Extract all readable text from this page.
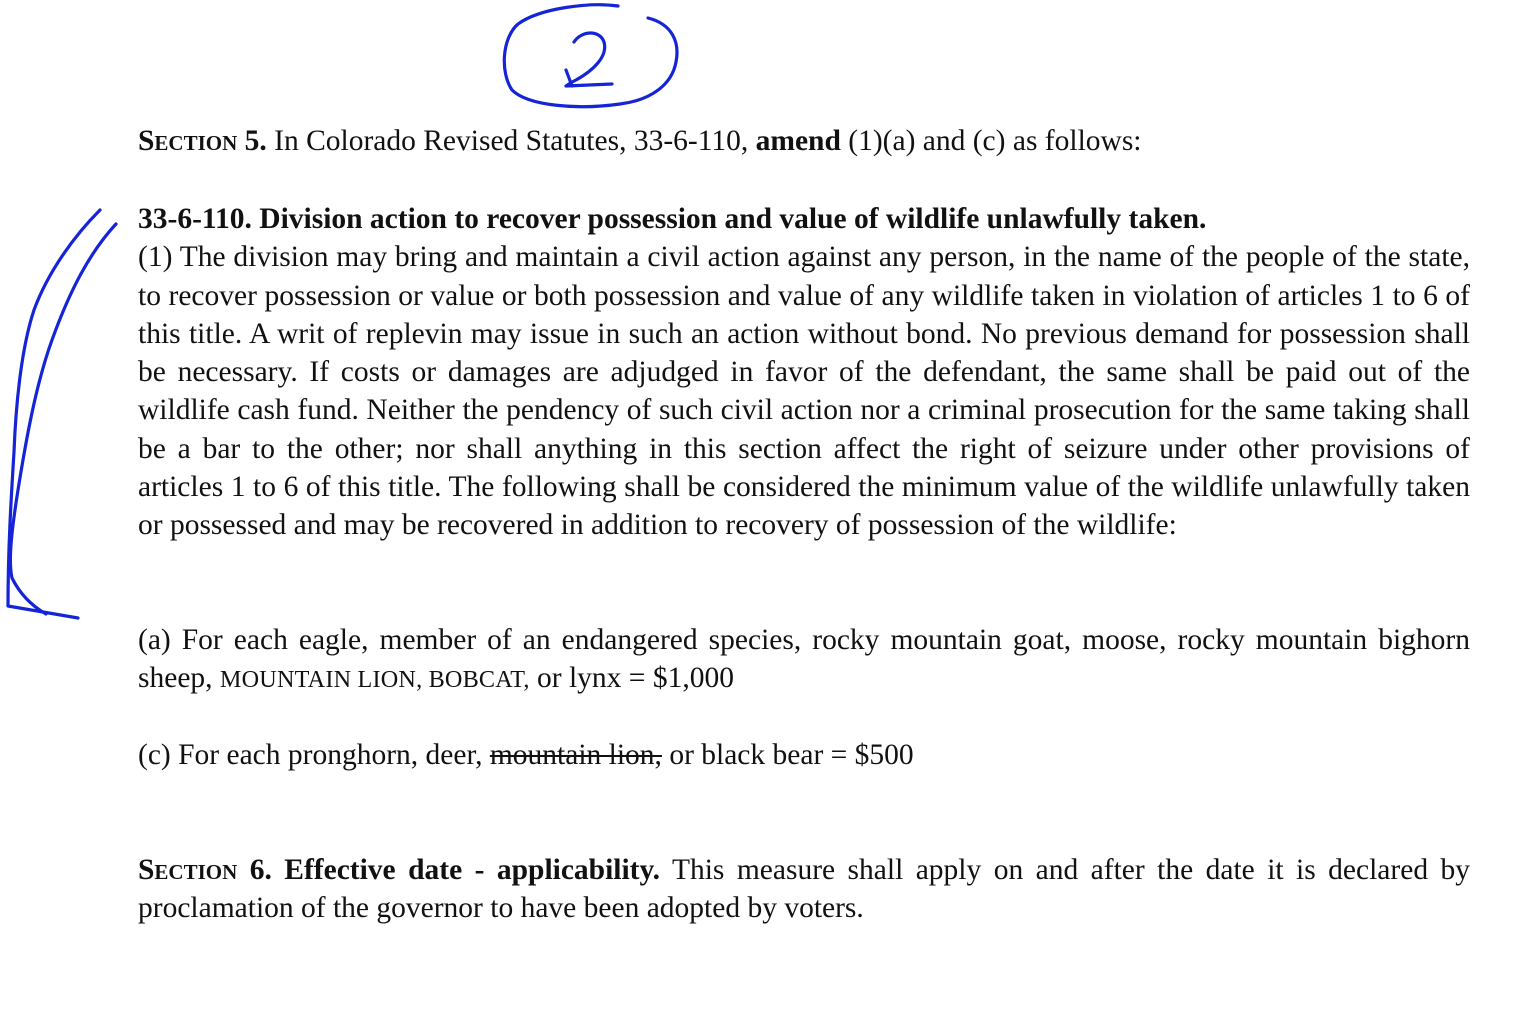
Section 5. In Colorado Revised Statutes, 33-6-110, amend (1)(a) and (c) as follows:
33-6-110. Division action to recover possession and value of wildlife unlawfully taken.
(1) The division may bring and maintain a civil action against any person, in the name of the people of the state, to recover possession or value or both possession and value of any wildlife taken in violation of articles 1 to 6 of this title. A writ of replevin may issue in such an action without bond. No previous demand for possession shall be necessary. If costs or damages are adjudged in favor of the defendant, the same shall be paid out of the wildlife cash fund. Neither the pendency of such civil action nor a criminal prosecution for the same taking shall be a bar to the other; nor shall anything in this section affect the right of seizure under other provisions of articles 1 to 6 of this title. The following shall be considered the minimum value of the wildlife unlawfully taken or possessed and may be recovered in addition to recovery of possession of the wildlife:
(a) For each eagle, member of an endangered species, rocky mountain goat, moose, rocky mountain bighorn sheep, MOUNTAIN LION, BOBCAT, or lynx = $1,000
(c) For each pronghorn, deer, mountain lion, or black bear = $500
Section 6. Effective date - applicability. This measure shall apply on and after the date it is declared by proclamation of the governor to have been adopted by voters.
